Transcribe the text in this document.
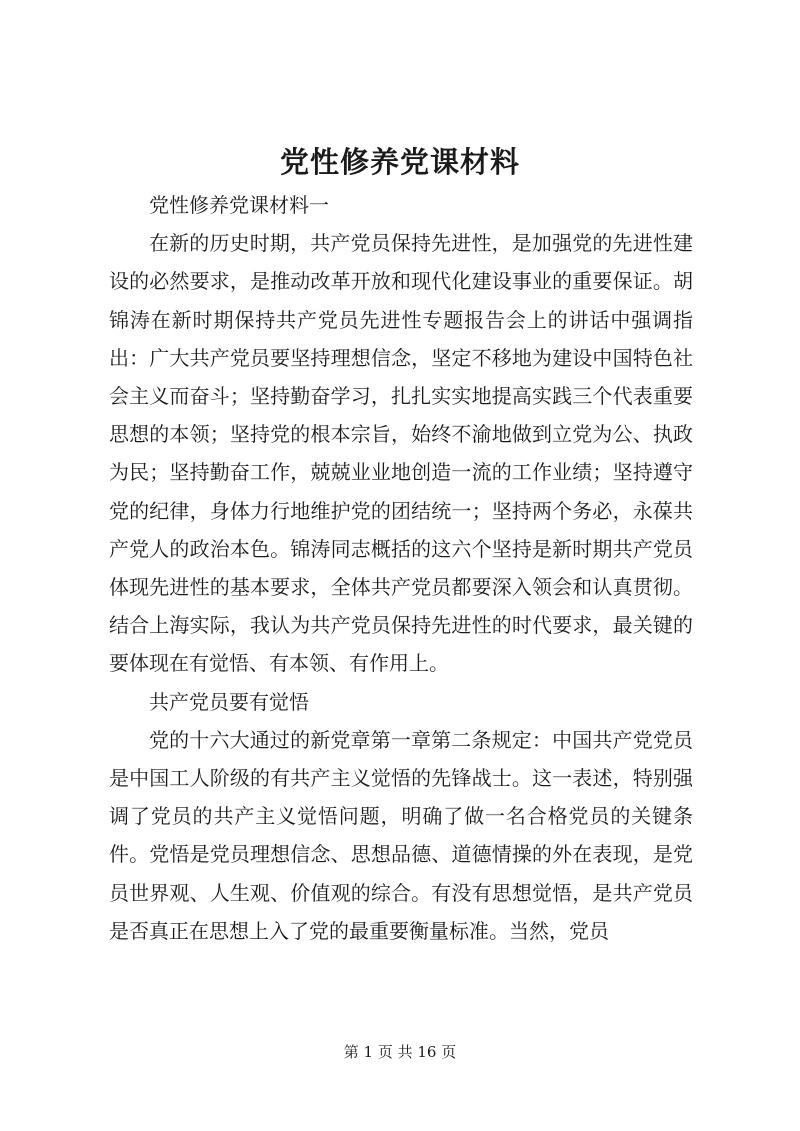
党性修养党课材料

党性修养党课材料一

在新的历史时期，共产党员保持先进性，是加强党的先进性建设的必然要求，是推动改革开放和现代化建设事业的重要保证。胡锦涛在新时期保持共产党员先进性专题报告会上的讲话中强调指出：广大共产党员要坚持理想信念，坚定不移地为建设中国特色社会主义而奋斗；坚持勤奋学习，扎扎实实地提高实践三个代表重要思想的本领；坚持党的根本宗旨，始终不渝地做到立党为公、执政为民；坚持勤奋工作，兢兢业业地创造一流的工作业绩；坚持遵守党的纪律，身体力行地维护党的团结统一；坚持两个务必，永葆共产党人的政治本色。锦涛同志概括的这六个坚持是新时期共产党员体现先进性的基本要求，全体共产党员都要深入领会和认真贯彻。结合上海实际，我认为共产党员保持先进性的时代要求，最关键的要体现在有觉悟、有本领、有作用上。

共产党员要有觉悟

党的十六大通过的新党章第一章第二条规定：中国共产党党员是中国工人阶级的有共产主义觉悟的先锋战士。这一表述，特别强调了党员的共产主义觉悟问题，明确了做一名合格党员的关键条件。党悟是党员理想信念、思想品德、道德情操的外在表现，是党员世界观、人生观、价值观的综合。有没有思想觉悟，是共产党员是否真正在思想上入了党的最重要衡量标准。当然，党员

第 1 页 共 16 页
